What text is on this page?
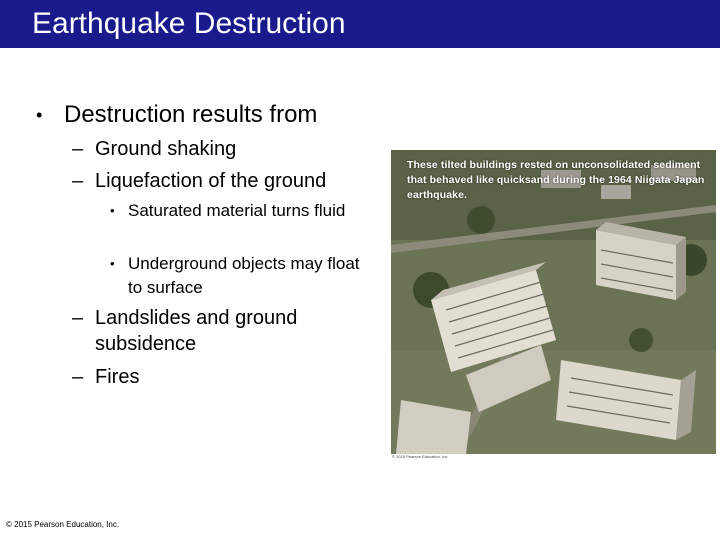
Earthquake Destruction
• Destruction results from
– Ground shaking
– Liquefaction of the ground
• Saturated material turns fluid
• Underground objects may float to surface
– Landslides and ground subsidence
– Fires
These tilted buildings rested on unconsolidated sediment that behaved like quicksand during the 1964 Niigata Japan earthquake.
© 2015 Pearson Education, Inc.
© 2015 Pearson Education, Inc.
